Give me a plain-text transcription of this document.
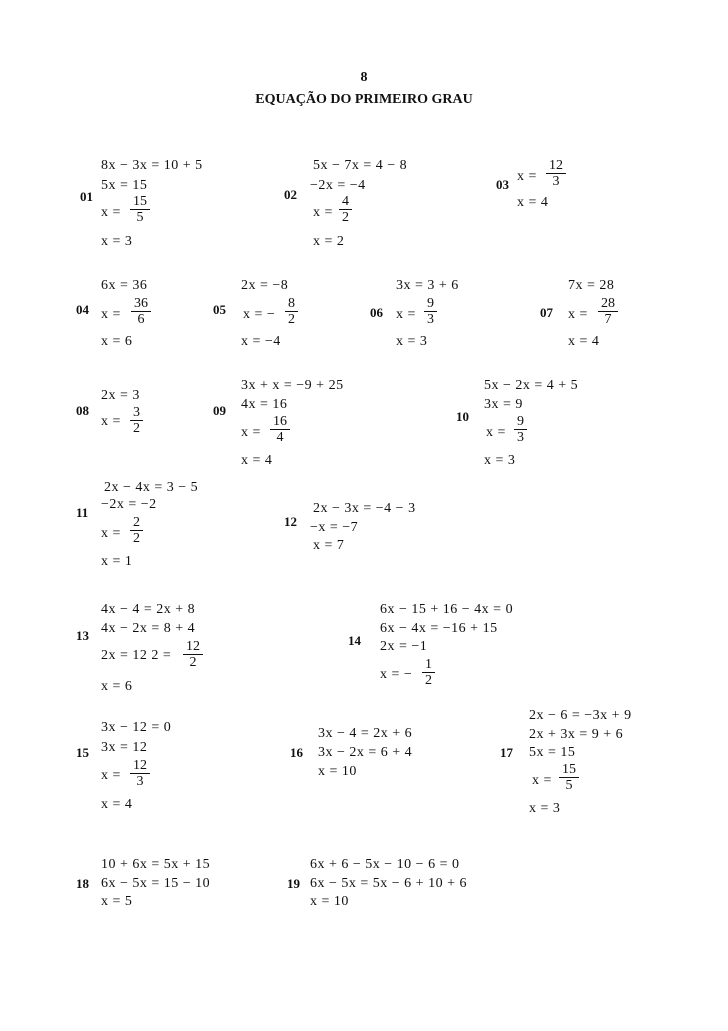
8
EQUAÇÃO DO PRIMEIRO GRAU
01
8x − 3x = 10 + 5
5x = 15
$x = \frac{15}{5}$
x = 3
02
5x − 7x = 4 − 8
−2x = −4
$x = \frac{4}{2}$
x = 2
03
$x = \frac{12}{3}$
x = 4
04
6x = 36
$x = \frac{36}{6}$
x = 6
05
2x = −8
x = − $\frac{8}{2}$
x = −4
06
3x = 3 + 6
$x = \frac{9}{3}$
x = 3
07
7x = 28
$x = \frac{28}{7}$
x = 4
08
2x = 3
$x = \frac{3}{2}$	09
3x + x = −9 + 25
4x = 16
$x = \frac{16}{4}$
x = 4
10
5x − 2x = 4 + 5
3x = 9
$x = \frac{9}{3}$
x = 3
11
2x − 4x = 3 − 5
−2x = −2
$x = \frac{2}{2}$
x = 1
12
2x − 3x = −4 − 3
−x = −7
x = 7
13
4x − 4 = 2x + 8
4x − 2x = 8 + 4
2x = 12 $2 = \frac{12}{2}$
x = 6
14
6x − 15 + 16 − 4x = 0
6x − 4x = −16 + 15
2x = −1
x = − $\frac{1}{2}$
15
3x − 12 = 0
3x = 12
$x = \frac{12}{3}$
x = 4
16
3x − 4 = 2x + 6
3x − 2x = 6 + 4
x = 10
17
2x − 6 = −3x + 9
2x + 3x = 9 + 6
5x = 15
$x = \frac{15}{5}$
x = 3
18
10 + 6x = 5x + 15
6x − 5x = 15 − 10
x = 5
19
6x + 6 − 5x − 10 − 6 = 0
6x − 5x = 5x − 6 + 10 + 6
x = 10
